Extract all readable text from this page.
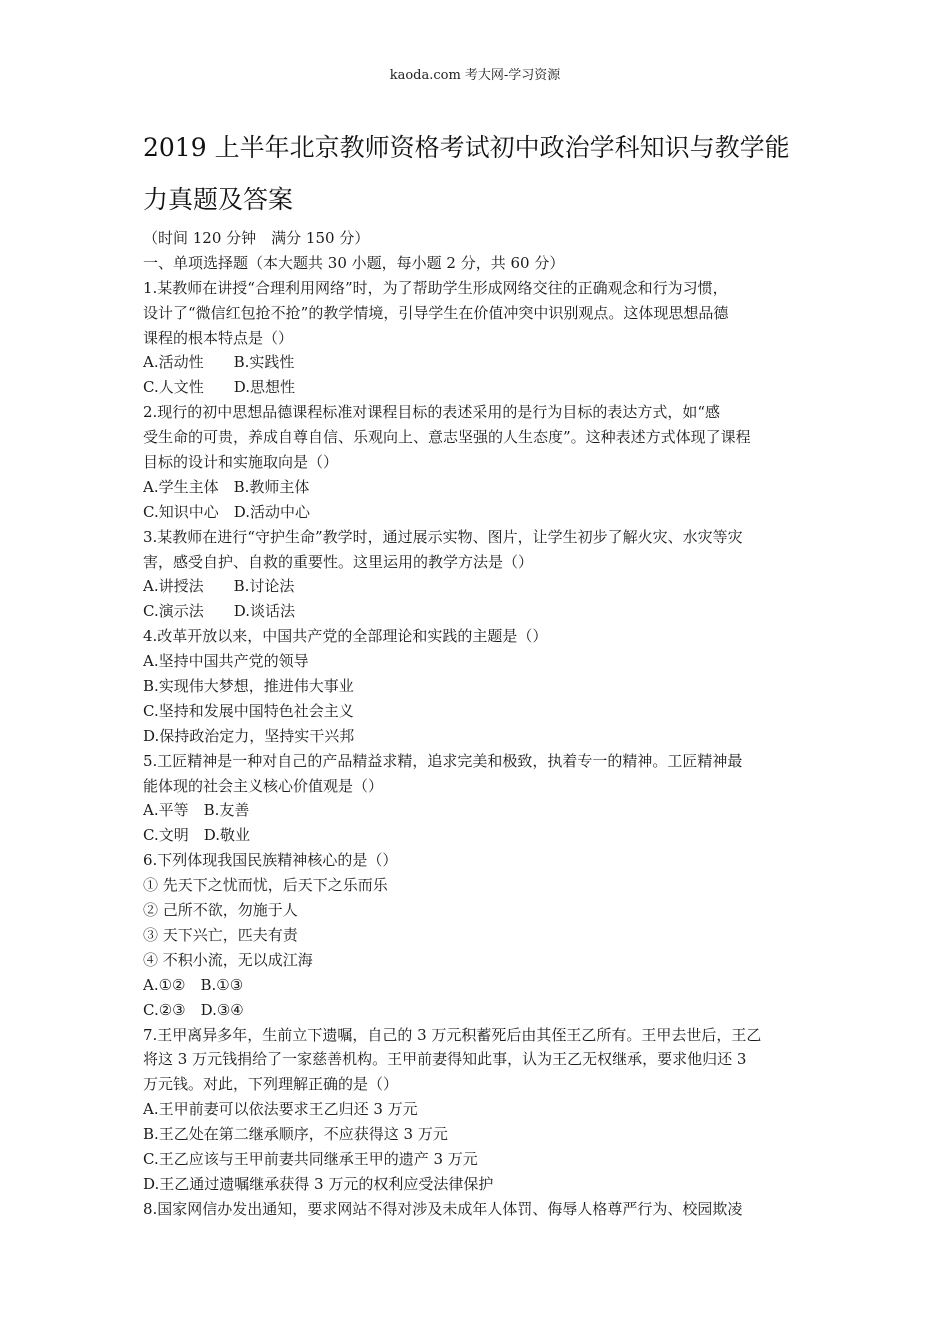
kaoda.com 考大网-学习资源
2019 上半年北京教师资格考试初中政治学科知识与教学能
力真题及答案
（时间 120 分钟　满分 150 分）
一、单项选择题（本大题共 30 小题，每小题 2 分，共 60 分）
1.某教师在讲授“合理利用网络”时，为了帮助学生形成网络交往的正确观念和行为习惯，
设计了“微信红包抢不抢”的教学情境，引导学生在价值冲突中识别观点。这体现思想品德
课程的根本特点是（）
A.活动性　　B.实践性
C.人文性　　D.思想性
2.现行的初中思想品德课程标准对课程目标的表述采用的是行为目标的表达方式，如“感
受生命的可贵，养成自尊自信、乐观向上、意志坚强的人生态度”。这种表述方式体现了课程
目标的设计和实施取向是（）
A.学生主体　B.教师主体
C.知识中心　D.活动中心
3.某教师在进行“守护生命”教学时，通过展示实物、图片，让学生初步了解火灾、水灾等灾
害，感受自护、自救的重要性。这里运用的教学方法是（）
A.讲授法　　B.讨论法
C.演示法　　D.谈话法
4.改革开放以来，中国共产党的全部理论和实践的主题是（）
A.坚持中国共产党的领导
B.实现伟大梦想，推进伟大事业
C.坚持和发展中国特色社会主义
D.保持政治定力，坚持实干兴邦
5.工匠精神是一种对自己的产品精益求精，追求完美和极致，执着专一的精神。工匠精神最
能体现的社会主义核心价值观是（）
A.平等　B.友善
C.文明　D.敬业
6.下列体现我国民族精神核心的是（）
① 先天下之忧而忧，后天下之乐而乐
② 己所不欲，勿施于人
③ 天下兴亡，匹夫有责
④ 不积小流，无以成江海
A.①②　B.①③
C.②③　D.③④
7.王甲离异多年，生前立下遗嘱，自己的 3 万元积蓄死后由其侄王乙所有。王甲去世后，王乙
将这 3 万元钱捐给了一家慈善机构。王甲前妻得知此事，认为王乙无权继承，要求他归还 3
万元钱。对此，下列理解正确的是（）
A.王甲前妻可以依法要求王乙归还 3 万元
B.王乙处在第二继承顺序，不应获得这 3 万元
C.王乙应该与王甲前妻共同继承王甲的遗产 3 万元
D.王乙通过遗嘱继承获得 3 万元的权利应受法律保护
8.国家网信办发出通知，要求网站不得对涉及未成年人体罚、侮辱人格尊严行为、校园欺凌
